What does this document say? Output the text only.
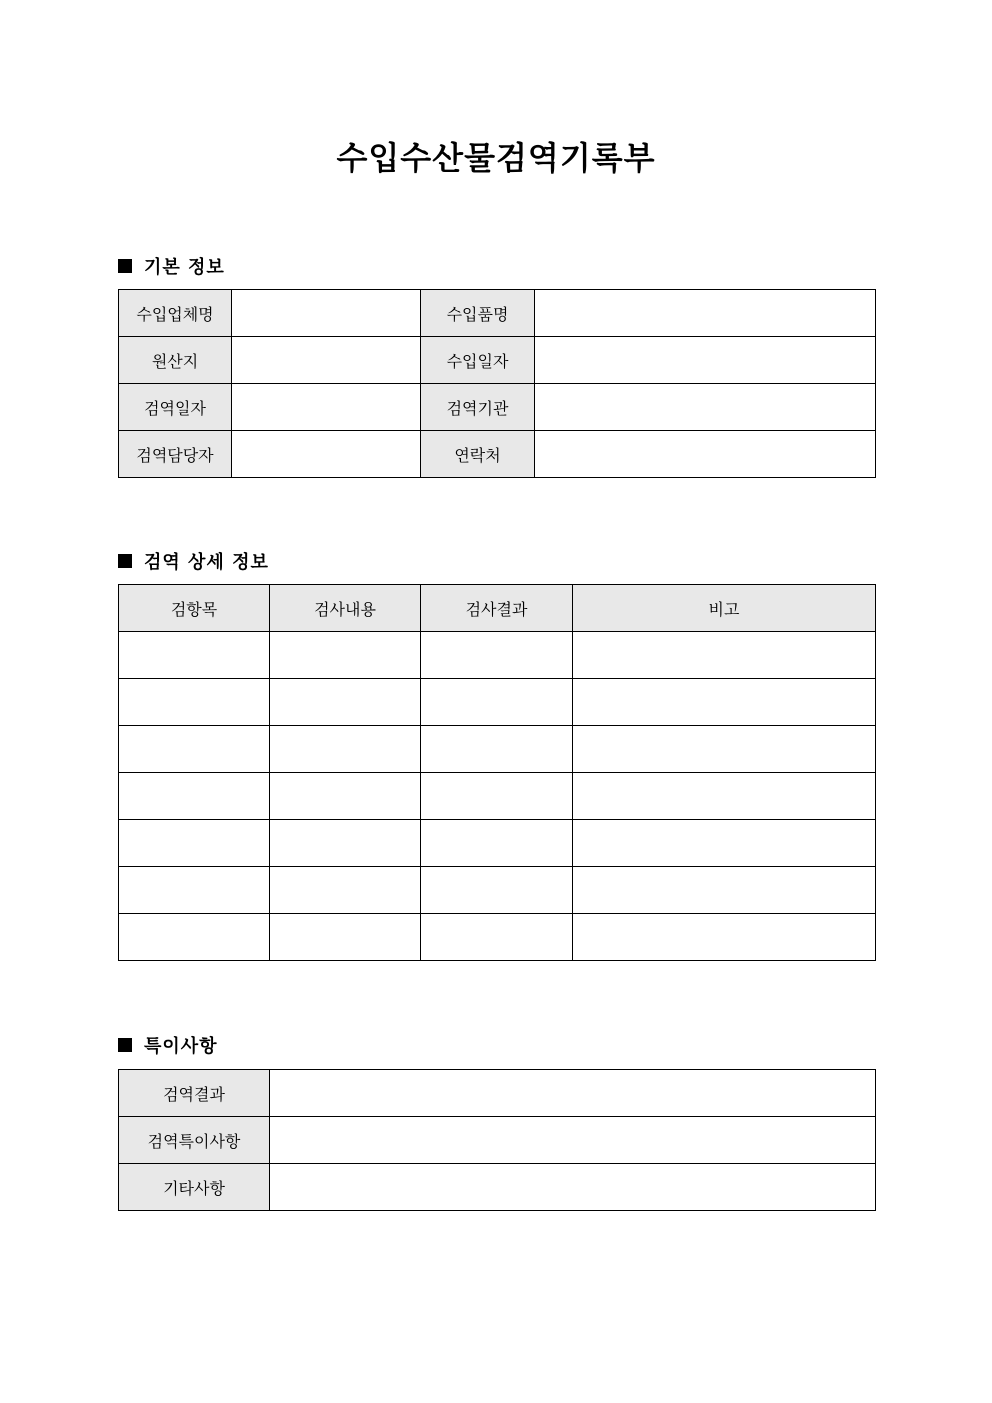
수입수산물검역기록부
기본 정보
수입업체명		수입품명	
원산지		수입일자	
검역일자		검역기관	
검역담당자		연락처	
검역 상세 정보
검항목	검사내용	검사결과	비고

특이사항
검역결과	
검역특이사항	
기타사항	
